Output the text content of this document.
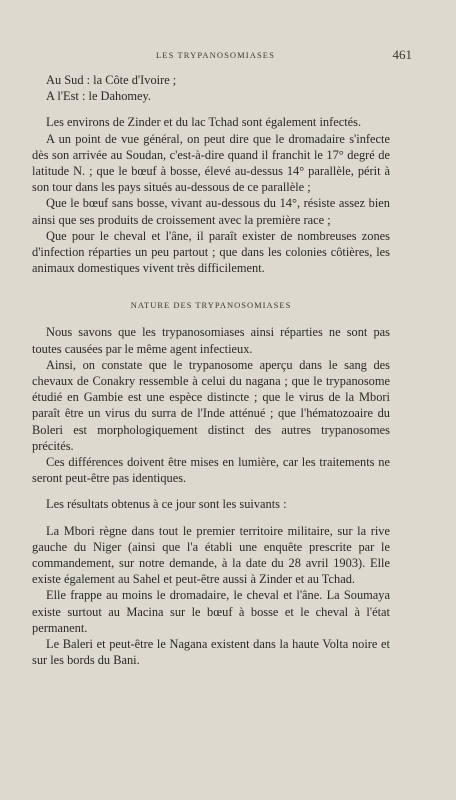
LES TRYPANOSOMIASES	461

Au Sud : la Côte d'Ivoire ;

A l'Est : le Dahomey.

Les environs de Zinder et du lac Tchad sont également infectés.

A un point de vue général, on peut dire que le dromadaire s'infecte dès son arrivée au Soudan, c'est-à-dire quand il franchit le 17° degré de latitude N. ; que le bœuf à bosse, élevé au-dessus 14° parallèle, périt à son tour dans les pays situés au-dessous de ce parallèle ;

Que le bœuf sans bosse, vivant au-dessous du 14°, résiste assez bien ainsi que ses produits de croissement avec la première race ;

Que pour le cheval et l'âne, il paraît exister de nombreuses zones d'infection réparties un peu partout ; que dans les colonies côtières, les animaux domestiques vivent très difficilement.

NATURE DES TRYPANOSOMIASES

Nous savons que les trypanosomiases ainsi réparties ne sont pas toutes causées par le même agent infectieux.

Ainsi, on constate que le trypanosome aperçu dans le sang des chevaux de Conakry ressemble à celui du nagana ; que le trypanosome étudié en Gambie est une espèce distincte ; que le virus de la Mbori paraît être un virus du surra de l'Inde atténué ; que l'hématozoaire du Boleri est morphologiquement distinct des autres trypanosomes précités.

Ces différences doivent être mises en lumière, car les traitements ne seront peut-être pas identiques.

Les résultats obtenus à ce jour sont les suivants :

La Mbori règne dans tout le premier territoire militaire, sur la rive gauche du Niger (ainsi que l'a établi une enquête prescrite par le commandement, sur notre demande, à la date du 28 avril 1903). Elle existe également au Sahel et peut-être aussi à Zinder et au Tchad.

Elle frappe au moins le dromadaire, le cheval et l'âne. La Soumaya existe surtout au Macina sur le bœuf à bosse et le cheval à l'état permanent.

Le Baleri et peut-être le Nagana existent dans la haute Volta noire et sur les bords du Bani.
